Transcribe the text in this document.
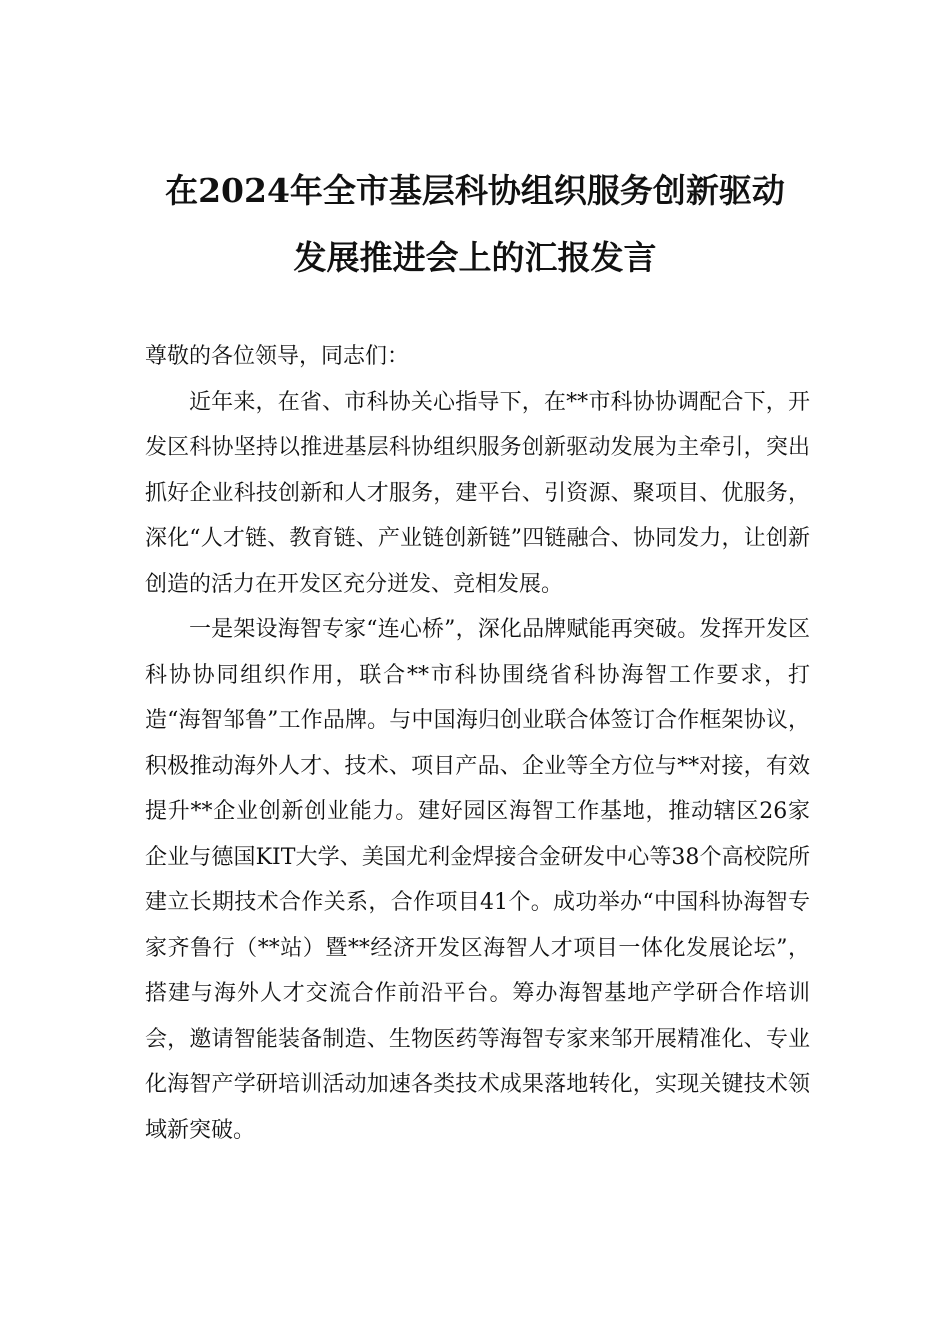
在2024年全市基层科协组织服务创新驱动
发展推进会上的汇报发言

尊敬的各位领导，同志们：

近年来，在省、市科协关心指导下，在**市科协协调配合下，开发区科协坚持以推进基层科协组织服务创新驱动发展为主牵引，突出抓好企业科技创新和人才服务，建平台、引资源、聚项目、优服务，深化“人才链、教育链、产业链创新链”四链融合、协同发力，让创新创造的活力在开发区充分迸发、竞相发展。

一是架设海智专家“连心桥”，深化品牌赋能再突破。发挥开发区科协协同组织作用，联合**市科协围绕省科协海智工作要求，打造“海智邹鲁”工作品牌。与中国海归创业联合体签订合作框架协议，积极推动海外人才、技术、项目产品、企业等全方位与**对接，有效提升**企业创新创业能力。建好园区海智工作基地，推动辖区26家企业与德国KIT大学、美国尤利金焊接合金研发中心等38个高校院所建立长期技术合作关系，合作项目41个。成功举办“中国科协海智专家齐鲁行（**站）暨**经济开发区海智人才项目一体化发展论坛”，搭建与海外人才交流合作前沿平台。筹办海智基地产学研合作培训会，邀请智能装备制造、生物医药等海智专家来邹开展精准化、专业化海智产学研培训活动加速各类技术成果落地转化，实现关键技术领域新突破。
